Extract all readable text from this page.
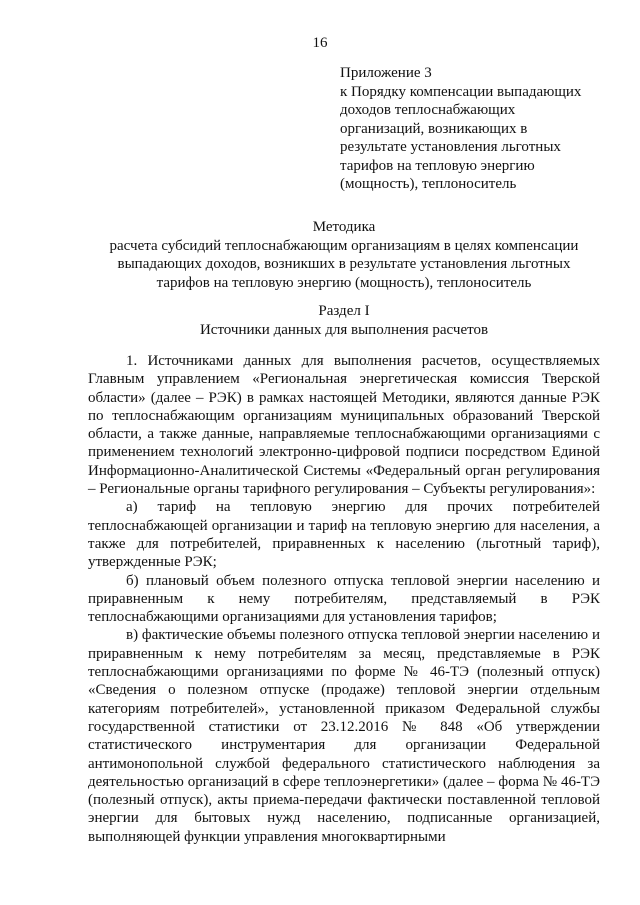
16
Приложение 3
к Порядку компенсации выпадающих
доходов теплоснабжающих
организаций, возникающих в
результате установления льготных
тарифов на тепловую энергию
(мощность), теплоноситель
Методика
расчета субсидий теплоснабжающим организациям в целях компенсации
выпадающих доходов, возникших в результате установления льготных
тарифов на тепловую энергию (мощность), теплоноситель
Раздел I
Источники данных для выполнения расчетов

1. Источниками данных для выполнения расчетов, осуществляемых Главным управлением «Региональная энергетическая комиссия Тверской области» (далее – РЭК) в рамках настоящей Методики, являются данные РЭК по теплоснабжающим организациям муниципальных образований Тверской области, а также данные, направляемые теплоснабжающими организациями с применением технологий электронно-цифровой подписи посредством Единой Информационно-Аналитической Системы «Федеральный орган регулирования – Региональные органы тарифного регулирования – Субъекты регулирования»:

а) тариф на тепловую энергию для прочих потребителей теплоснабжающей организации и тариф на тепловую энергию для населения, а также для потребителей, приравненных к населению (льготный тариф), утвержденные РЭК;

б) плановый объем полезного отпуска тепловой энергии населению и приравненным к нему потребителям, представляемый в РЭК теплоснабжающими организациями для установления тарифов;

в) фактические объемы полезного отпуска тепловой энергии населению и приравненным к нему потребителям за месяц, представляемые в РЭК теплоснабжающими организациями по форме № 46-ТЭ (полезный отпуск) «Сведения о полезном отпуске (продаже) тепловой энергии отдельным категориям потребителей», установленной приказом Федеральной службы государственной статистики от 23.12.2016 № 848 «Об утверждении статистического инструментария для организации Федеральной антимонопольной службой федерального статистического наблюдения за деятельностью организаций в сфере теплоэнергетики» (далее – форма № 46-ТЭ (полезный отпуск), акты приема-передачи фактически поставленной тепловой энергии для бытовых нужд населению, подписанные организацией, выполняющей функции управления многоквартирными
